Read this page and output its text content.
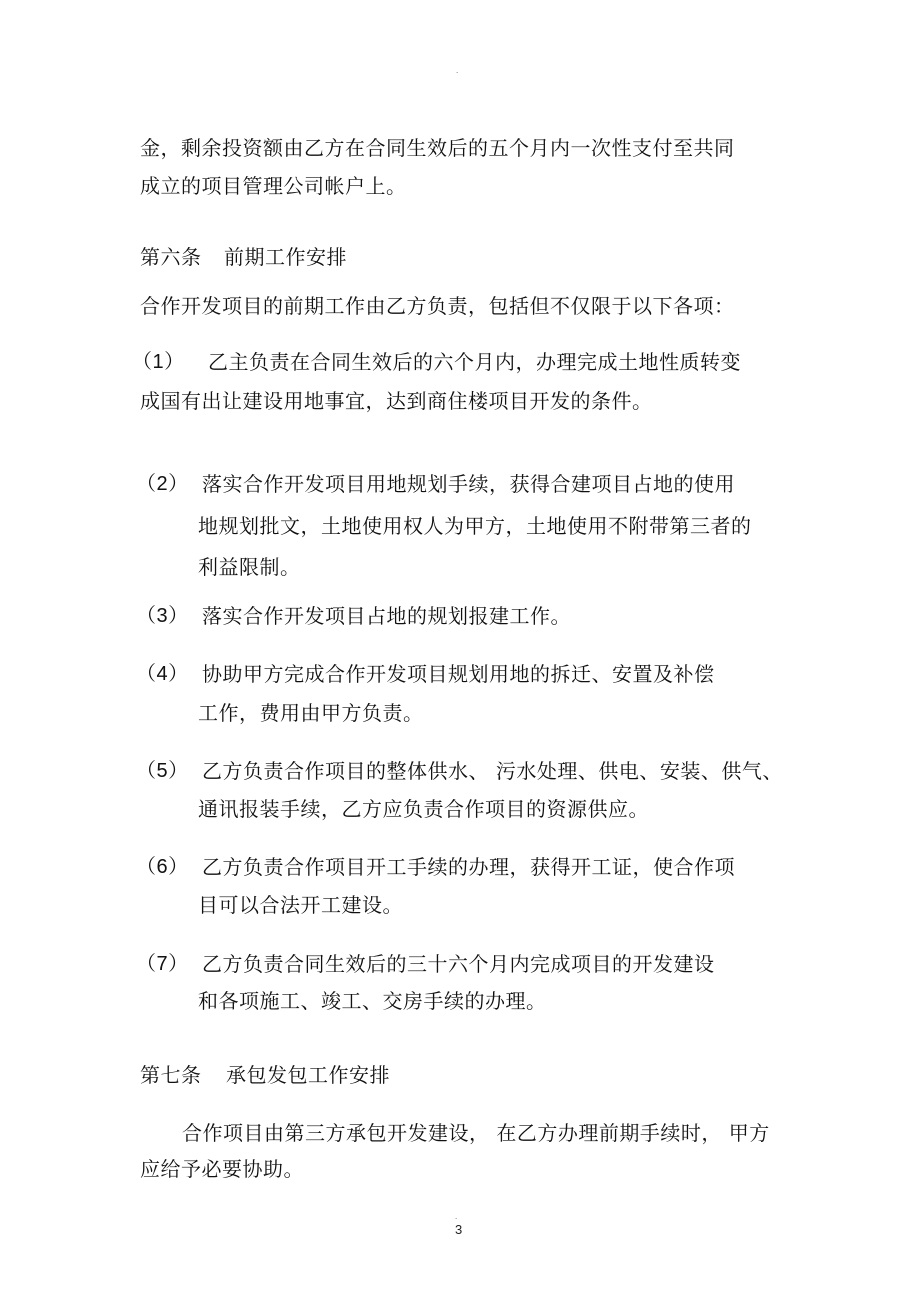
.
金，剩余投资额由乙方在合同生效后的五个月内一次性支付至共同
成立的项目管理公司帐户上。
第六条 前期工作安排
合作开发项目的前期工作由乙方负责，包括但不仅限于以下各项：
（1） 乙主负责在合同生效后的六个月内，办理完成土地性质转变
成国有出让建设用地事宜，达到商住楼项目开发的条件。
（2） 落实合作开发项目用地规划手续，获得合建项目占地的使用
地规划批文，土地使用权人为甲方，土地使用不附带第三者的
利益限制。
（3） 落实合作开发项目占地的规划报建工作。
（4） 协助甲方完成合作开发项目规划用地的拆迁、安置及补偿
工作，费用由甲方负责。
（5） 乙方负责合作项目的整体供水、 污水处理、供电、安装、供气、
通讯报装手续，乙方应负责合作项目的资源供应。
（6） 乙方负责合作项目开工手续的办理，获得开工证，使合作项
目可以合法开工建设。
（7） 乙方负责合同生效后的三十六个月内完成项目的开发建设
和各项施工、竣工、交房手续的办理。
第七条 承包发包工作安排
合作项目由第三方承包开发建设， 在乙方办理前期手续时， 甲方
应给予必要协助。
.
3
